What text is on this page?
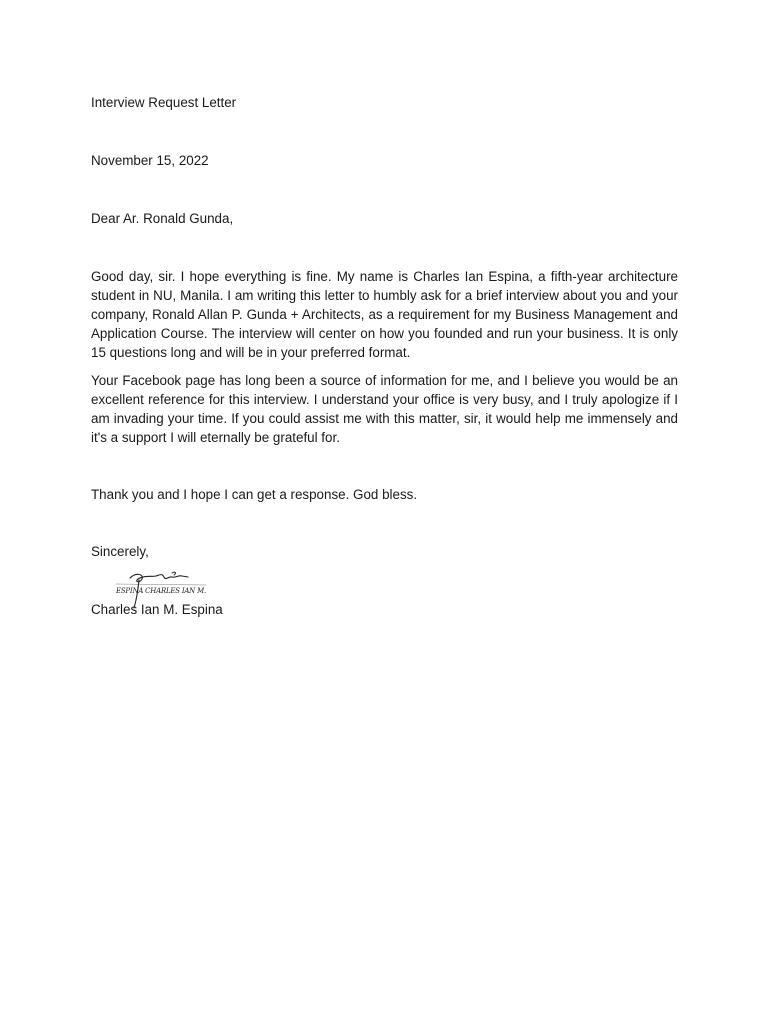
Interview Request Letter

November 15, 2022

Dear Ar. Ronald Gunda,

Good day, sir. I hope everything is fine. My name is Charles Ian Espina, a fifth-year architecture student in NU, Manila. I am writing this letter to humbly ask for a brief interview about you and your company, Ronald Allan P. Gunda + Architects, as a requirement for my Business Management and Application Course. The interview will center on how you founded and run your business. It is only 15 questions long and will be in your preferred format.

Your Facebook page has long been a source of information for me, and I believe you would be an excellent reference for this interview. I understand your office is very busy, and I truly apologize if I am invading your time. If you could assist me with this matter, sir, it would help me immensely and it's a support I will eternally be grateful for.

Thank you and I hope I can get a response. God bless.

Sincerely,

ESPINA CHARLES IAN M.

Charles Ian M. Espina
